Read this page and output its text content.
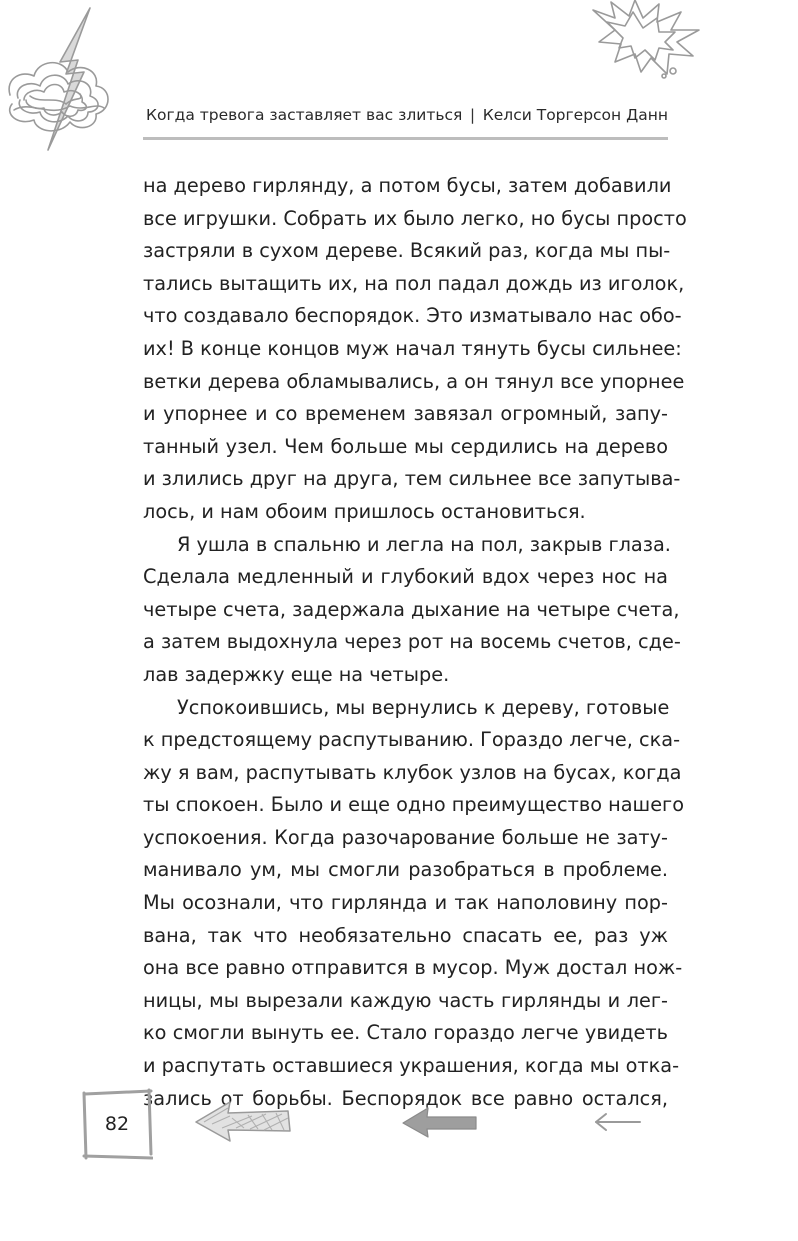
Когда тревога заставляет вас злиться | Келси Торгерсон Данн
на дерево гирлянду, а потом бусы, затем добавили
все игрушки. Собрать их было легко, но бусы просто
застряли в сухом дереве. Всякий раз, когда мы пы-
тались вытащить их, на пол падал дождь из иголок,
что создавало беспорядок. Это изматывало нас обо-
их! В конце концов муж начал тянуть бусы сильнее:
ветки дерева обламывались, а он тянул все упорнее
и упорнее и со временем завязал огромный, запу-
танный узел. Чем больше мы сердились на дерево
и злились друг на друга, тем сильнее все запутыва-
лось, и нам обоим пришлось остановиться.
Я ушла в спальню и легла на пол, закрыв глаза.
Сделала медленный и глубокий вдох через нос на
четыре счета, задержала дыхание на четыре счета,
а затем выдохнула через рот на восемь счетов, сде-
лав задержку еще на четыре.
Успокоившись, мы вернулись к дереву, готовые
к предстоящему распутыванию. Гораздо легче, ска-
жу я вам, распутывать клубок узлов на бусах, когда
ты спокоен. Было и еще одно преимущество нашего
успокоения. Когда разочарование больше не зату-
манивало ум, мы смогли разобраться в проблеме.
Мы осознали, что гирлянда и так наполовину пор-
вана, так что необязательно спасать ее, раз уж
она все равно отправится в мусор. Муж достал нож-
ницы, мы вырезали каждую часть гирлянды и лег-
ко смогли вынуть ее. Стало гораздо легче увидеть
и распутать оставшиеся украшения, когда мы отка-
зались от борьбы. Беспорядок все равно остался,
82
